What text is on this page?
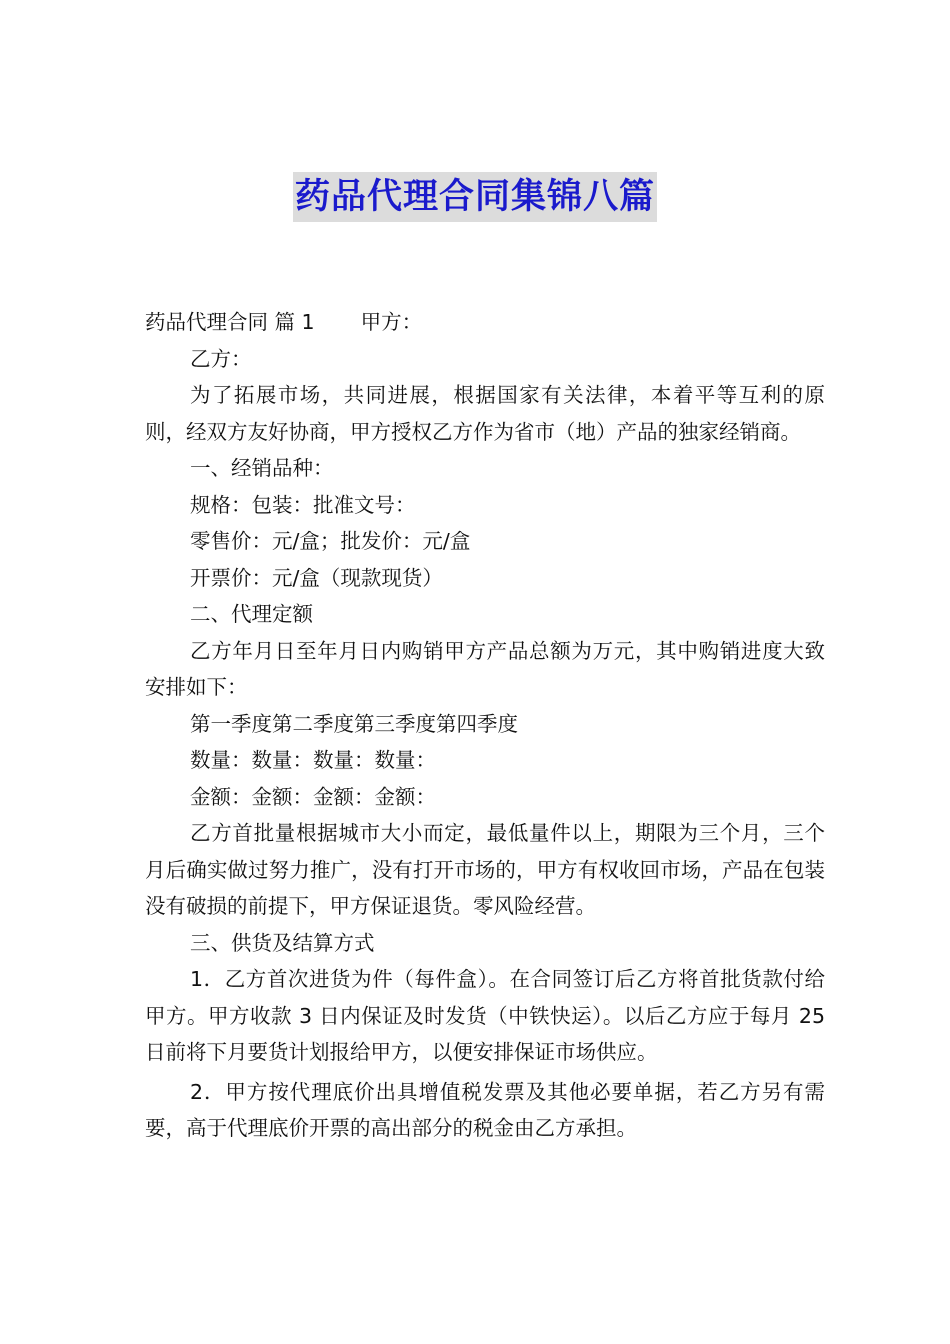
药品代理合同集锦八篇

药品代理合同 篇 1 甲方：

乙方：

为了拓展市场，共同进展，根据国家有关法律，本着平等互利的原则，经双方友好协商，甲方授权乙方作为省市（地）产品的独家经销商。

一、经销品种：

规格：包装：批准文号：

零售价：元/盒；批发价：元/盒

开票价：元/盒（现款现货）

二、代理定额

乙方年月日至年月日内购销甲方产品总额为万元，其中购销进度大致安排如下：

第一季度第二季度第三季度第四季度

数量：数量：数量：数量：

金额：金额：金额：金额：

乙方首批量根据城市大小而定，最低量件以上，期限为三个月，三个月后确实做过努力推广，没有打开市场的，甲方有权收回市场，产品在包装没有破损的前提下，甲方保证退货。零风险经营。

三、供货及结算方式

1．乙方首次进货为件（每件盒）。在合同签订后乙方将首批货款付给甲方。甲方收款 3 日内保证及时发货（中铁快运）。以后乙方应于每月 25 日前将下月要货计划报给甲方，以便安排保证市场供应。

2．甲方按代理底价出具增值税发票及其他必要单据，若乙方另有需要，高于代理底价开票的高出部分的税金由乙方承担。
